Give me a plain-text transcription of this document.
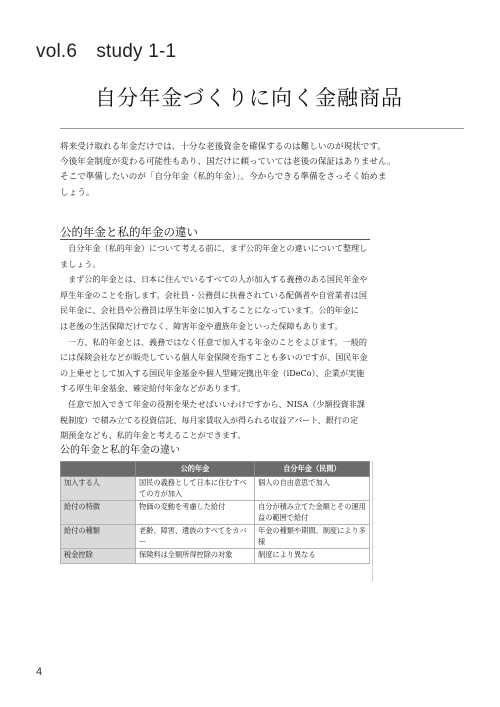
vol.6　study 1-1
自分年金づくりに向く金融商品
将来受け取れる年金だけでは、十分な老後資金を確保するのは難しいのが現状です。
今後年金制度が変わる可能性もあり、国だけに頼っていては老後の保証はありません。
そこで準備したいのが「自分年金（私的年金）」。今からできる準備をさっそく始めま
しょう。
公的年金と私的年金の違い
　自分年金（私的年金）について考える前に、まず公的年金との違いについて整理し
ましょう。
　まず公的年金とは、日本に住んでいるすべての人が加入する義務のある国民年金や
厚生年金のことを指します。会社員・公務員に扶養されている配偶者や自営業者は国
民年金に、会社員や公務員は厚生年金に加入することになっています。公的年金に
は老後の生活保障だけでなく、障害年金や遺族年金といった保障もあります。
　一方、私的年金とは、義務ではなく任意で加入する年金のことをよびます。一般的
には保険会社などが販売している個人年金保険を指すことも多いのですが、国民年金
の上乗せとして加入する国民年金基金や個人型確定拠出年金（iDeCo）、企業が実施
する厚生年金基金、確定給付年金などがあります。
　任意で加入できて年金の役割を果たせばいいわけですから、NISA（少額投資非課
税制度）で積み立てる投資信託、毎月家賃収入が得られる収益アパート、銀行の定
期預金なども、私的年金と考えることができます。
公的年金と私的年金の違い
	公的年金	自分年金（民間）
加入する人	国民の義務として日本に住むすべての方が加入	個人の自由意思で加入
給付の特徴	物価の変動を考慮した給付	自分が積み立てた金額とその運用益の範囲で給付
給付の種類	老齢、障害、遺族のすべてをカバー	年金の種類や期間、制度により多様
税金控除	保険料は全額所得控除の対象	制度により異なる
4
